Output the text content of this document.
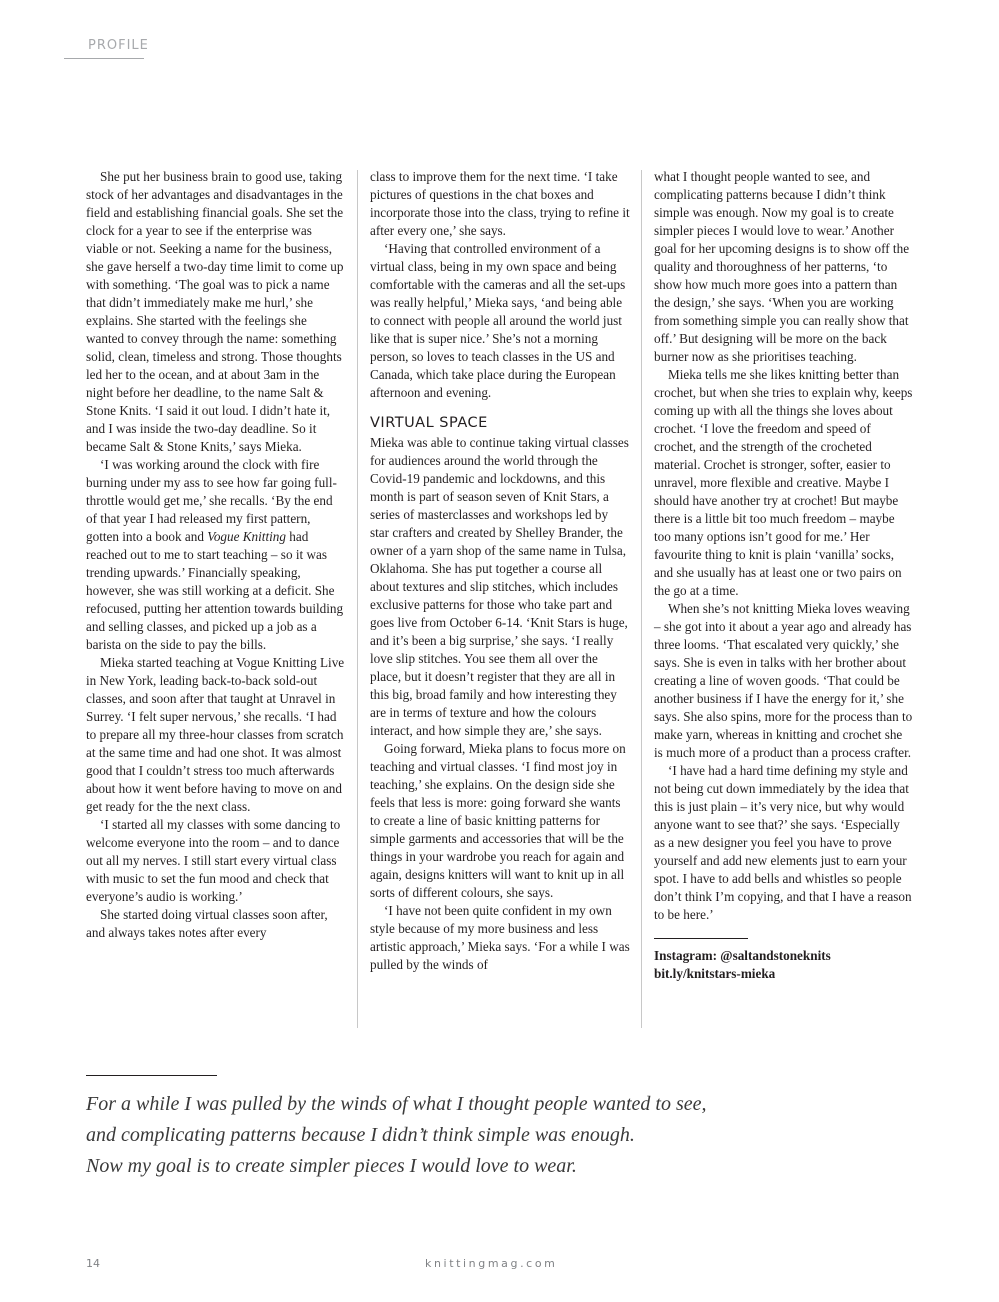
PROFILE

She put her business brain to good use, taking stock of her advantages and disadvantages in the field and establishing financial goals. She set the clock for a year to see if the enterprise was viable or not. Seeking a name for the business, she gave herself a two-day time limit to come up with something. ‘The goal was to pick a name that didn’t immediately make me hurl,’ she explains. She started with the feelings she wanted to convey through the name: something solid, clean, timeless and strong. Those thoughts led her to the ocean, and at about 3am in the night before her deadline, to the name Salt & Stone Knits. ‘I said it out loud. I didn’t hate it, and I was inside the two-day deadline. So it became Salt & Stone Knits,’ says Mieka.

‘I was working around the clock with fire burning under my ass to see how far going full-throttle would get me,’ she recalls. ‘By the end of that year I had released my first pattern, gotten into a book and Vogue Knitting had reached out to me to start teaching – so it was trending upwards.’ Financially speaking, however, she was still working at a deficit. She refocused, putting her attention towards building and selling classes, and picked up a job as a barista on the side to pay the bills.

Mieka started teaching at Vogue Knitting Live in New York, leading back-to-back sold-out classes, and soon after that taught at Unravel in Surrey. ‘I felt super nervous,’ she recalls. ‘I had to prepare all my three-hour classes from scratch at the same time and had one shot. It was almost good that I couldn’t stress too much afterwards about how it went before having to move on and get ready for the the next class.

‘I started all my classes with some dancing to welcome everyone into the room – and to dance out all my nerves. I still start every virtual class with music to set the fun mood and check that everyone’s audio is working.’

She started doing virtual classes soon after, and always takes notes after every

class to improve them for the next time. ‘I take pictures of questions in the chat boxes and incorporate those into the class, trying to refine it after every one,’ she says.

‘Having that controlled environment of a virtual class, being in my own space and being comfortable with the cameras and all the set-ups was really helpful,’ Mieka says, ‘and being able to connect with people all around the world just like that is super nice.’ She’s not a morning person, so loves to teach classes in the US and Canada, which take place during the European afternoon and evening.

VIRTUAL SPACE

Mieka was able to continue taking virtual classes for audiences around the world through the Covid-19 pandemic and lockdowns, and this month is part of season seven of Knit Stars, a series of masterclasses and workshops led by star crafters and created by Shelley Brander, the owner of a yarn shop of the same name in Tulsa, Oklahoma. She has put together a course all about textures and slip stitches, which includes exclusive patterns for those who take part and goes live from October 6-14. ‘Knit Stars is huge, and it’s been a big surprise,’ she says. ‘I really love slip stitches. You see them all over the place, but it doesn’t register that they are all in this big, broad family and how interesting they are in terms of texture and how the colours interact, and how simple they are,’ she says.

Going forward, Mieka plans to focus more on teaching and virtual classes. ‘I find most joy in teaching,’ she explains. On the design side she feels that less is more: going forward she wants to create a line of basic knitting patterns for simple garments and accessories that will be the things in your wardrobe you reach for again and again, designs knitters will want to knit up in all sorts of different colours, she says.

‘I have not been quite confident in my own style because of my more business and less artistic approach,’ Mieka says. ‘For a while I was pulled by the winds of

what I thought people wanted to see, and complicating patterns because I didn’t think simple was enough. Now my goal is to create simpler pieces I would love to wear.’ Another goal for her upcoming designs is to show off the quality and thoroughness of her patterns, ‘to show how much more goes into a pattern than the design,’ she says. ‘When you are working from something simple you can really show that off.’ But designing will be more on the back burner now as she prioritises teaching.

Mieka tells me she likes knitting better than crochet, but when she tries to explain why, keeps coming up with all the things she loves about crochet. ‘I love the freedom and speed of crochet, and the strength of the crocheted material. Crochet is stronger, softer, easier to unravel, more flexible and creative. Maybe I should have another try at crochet! But maybe there is a little bit too much freedom – maybe too many options isn’t good for me.’ Her favourite thing to knit is plain ‘vanilla’ socks, and she usually has at least one or two pairs on the go at a time.

When she’s not knitting Mieka loves weaving – she got into it about a year ago and already has three looms. ‘That escalated very quickly,’ she says. She is even in talks with her brother about creating a line of woven goods. ‘That could be another business if I have the energy for it,’ she says. She also spins, more for the process than to make yarn, whereas in knitting and crochet she is much more of a product than a process crafter.

‘I have had a hard time defining my style and not being cut down immediately by the idea that this is just plain – it’s very nice, but why would anyone want to see that?’ she says. ‘Especially as a new designer you feel you have to prove yourself and add new elements just to earn your spot. I have to add bells and whistles so people don’t think I’m copying, and that I have a reason to be here.’

Instagram: @saltandstoneknits

bit.ly/knitstars-mieka

For a while I was pulled by the winds of what I thought people wanted to see,
and complicating patterns because I didn’t think simple was enough.
Now my goal is to create simpler pieces I would love to wear.
14	knittingmag.com
